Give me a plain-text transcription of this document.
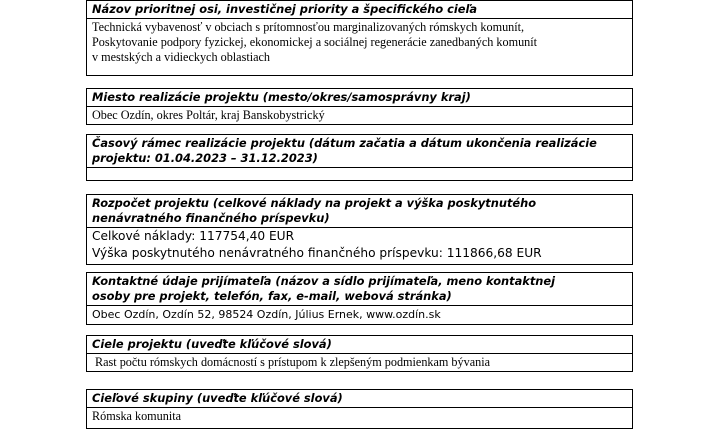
Názov prioritnej osi, investičnej priority a špecifického cieľa
Technická vybavenosť v obciach s prítomnosťou marginalizovaných rómskych komunít,
Poskytovanie podpory fyzickej, ekonomickej a sociálnej regenerácie zanedbaných komunít
v mestských a vidieckych oblastiach
Miesto realizácie projektu (mesto/okres/samosprávny kraj)
Obec Ozdín, okres Poltár, kraj Banskobystrický
Časový rámec realizácie projektu (dátum začatia a dátum ukončenia realizácie
projektu: 01.04.2023 – 31.12.2023)
Rozpočet projektu (celkové náklady na projekt a výška poskytnutého
nenávratného finančného príspevku)
Celkové náklady: 117754,40 EUR
Výška poskytnutého nenávratného finančného príspevku: 111866,68 EUR
Kontaktné údaje prijímateľa (názov a sídlo prijímateľa, meno kontaktnej
osoby pre projekt, telefón, fax, e-mail, webová stránka)
Obec Ozdín, Ozdín 52, 98524 Ozdín, Július Ernek, www.ozdín.sk
Ciele projektu (uveďte kľúčové slová)
Rast počtu rómskych domácností s prístupom k zlepšeným podmienkam bývania
Cieľové skupiny (uveďte kľúčové slová)
Rómska komunita
